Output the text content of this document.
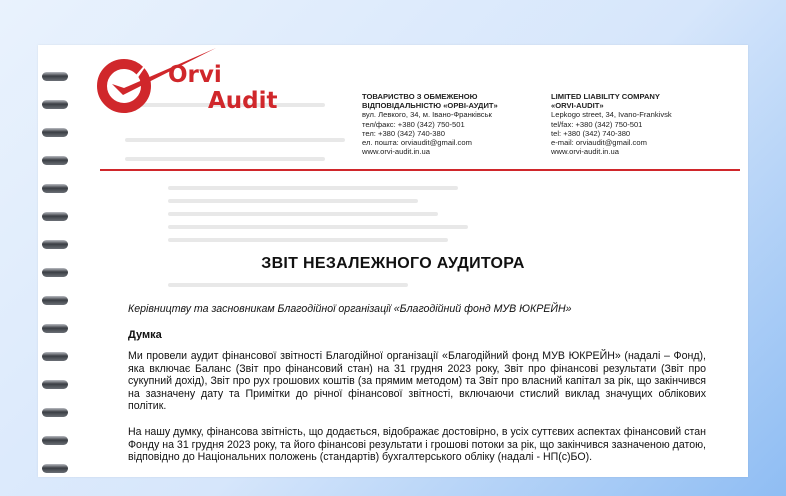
Orvi
Audit	ТОВАРИСТВО З ОБМЕЖЕНОЮ
ВІДПОВІДАЛЬНІСТЮ «ОРВІ-АУДИТ»
вул. Левкого, 34, м. Івано-Франківськ
тел/факс: +380 (342) 750-501
тел: +380 (342) 740-380
ел. пошта: orviaudit@gmail.com
www.orvi-audit.in.ua
LIMITED LIABILITY COMPANY
«ORVI-AUDIT»
Lepkogo street, 34, Ivano-Frankivsk
tel/fax: +380 (342) 750-501
tel: +380 (342) 740-380
e-mail: orviaudit@gmail.com
www.orvi-audit.in.ua
ЗВІТ НЕЗАЛЕЖНОГО АУДИТОРА
Керівництву та засновникам Благодійної організації «Благодійний фонд МУВ ЮКРЕЙН»
Думка

Ми провели аудит фінансової звітності Благодійної організації «Благодійний фонд МУВ ЮКРЕЙН» (надалі – Фонд), яка включає Баланс (Звіт про фінансовий стан) на 31 грудня 2023 року, Звіт про фінансові результати (Звіт про сукупний дохід), Звіт про рух грошових коштів (за прямим методом) та Звіт про власний капітал за рік, що закінчився на зазначену дату та Примітки до річної фінансової звітності, включаючи стислий виклад значущих облікових політик.

На нашу думку, фінансова звітність, що додається, відображає достовірно, в усіх суттєвих аспектах фінансовий стан Фонду на 31 грудня 2023 року, та його фінансові результати і грошові потоки за рік, що закінчився зазначеною датою, відповідно до Національних положень (стандартів) бухгалтерського обліку (надалі - НП(с)БО).
